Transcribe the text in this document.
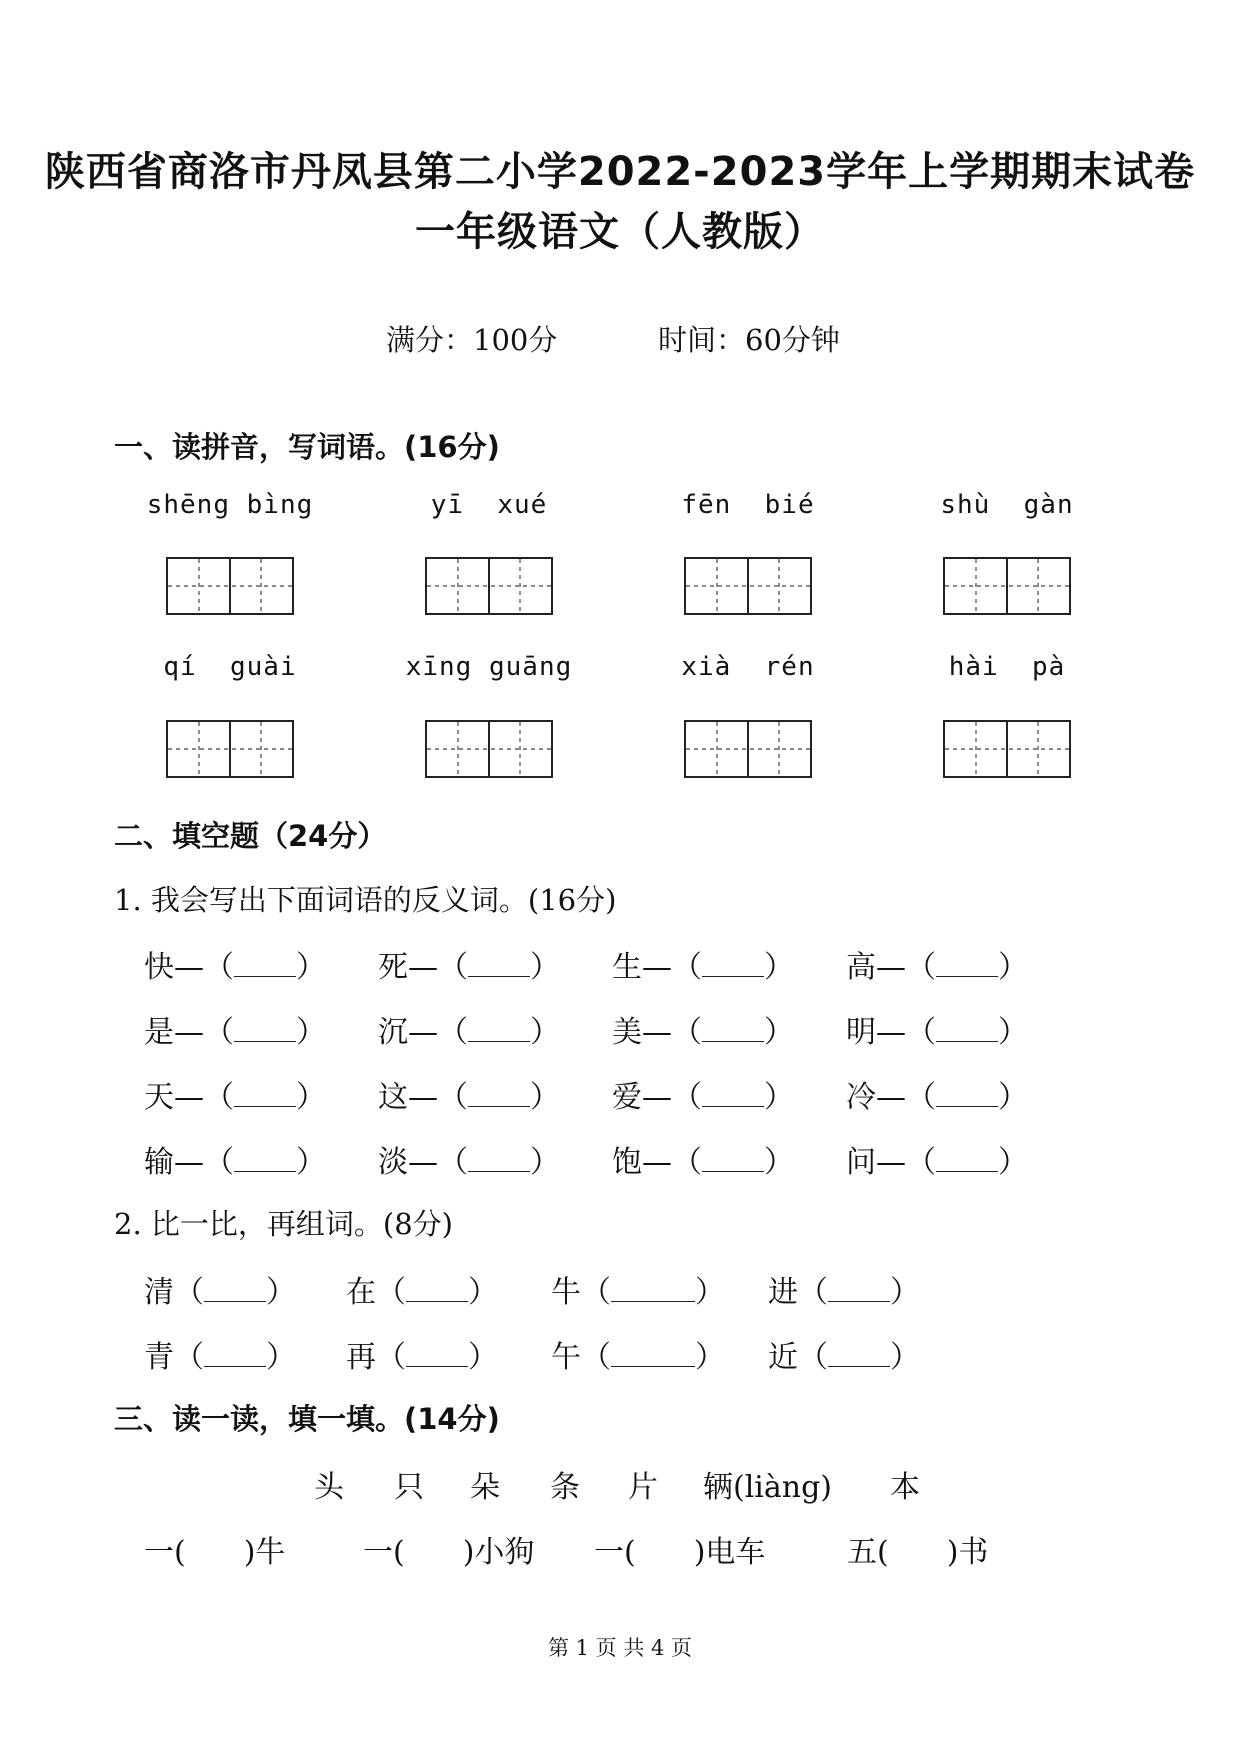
陕西省商洛市丹凤县第二小学2022-2023学年上学期期末试卷
一年级语文（人教版）
满分：100分	时间：60分钟
一、读拼音，写词语。(16分)
shēng bìng	yī  xué	fēn  bié	shù  gàn
qí  guài	xīng guāng	xià  rén	hài  pà
二、填空题（24分）
1. 我会写出下面词语的反义词。(16分)
快—（ ） 死—（ ） 生—（ ） 高—（ ）
是—（ ） 沉—（ ） 美—（ ） 明—（ ）
天—（ ） 这—（ ） 爱—（ ） 冷—（ ）
输—（ ） 淡—（ ） 饱—（ ） 问—（ ）
2. 比一比，再组词。(8分)
清（ ） 在（ ） 牛（	） 进（ ）
青（ ） 再（ ） 午（	） 近（ ）
三、读一读，填一填。(14分)
头 只 朵 条 片 辆(liàng) 本
一( )牛	一( )小狗 一( )电车	五( )书
第 1 页 共 4 页
